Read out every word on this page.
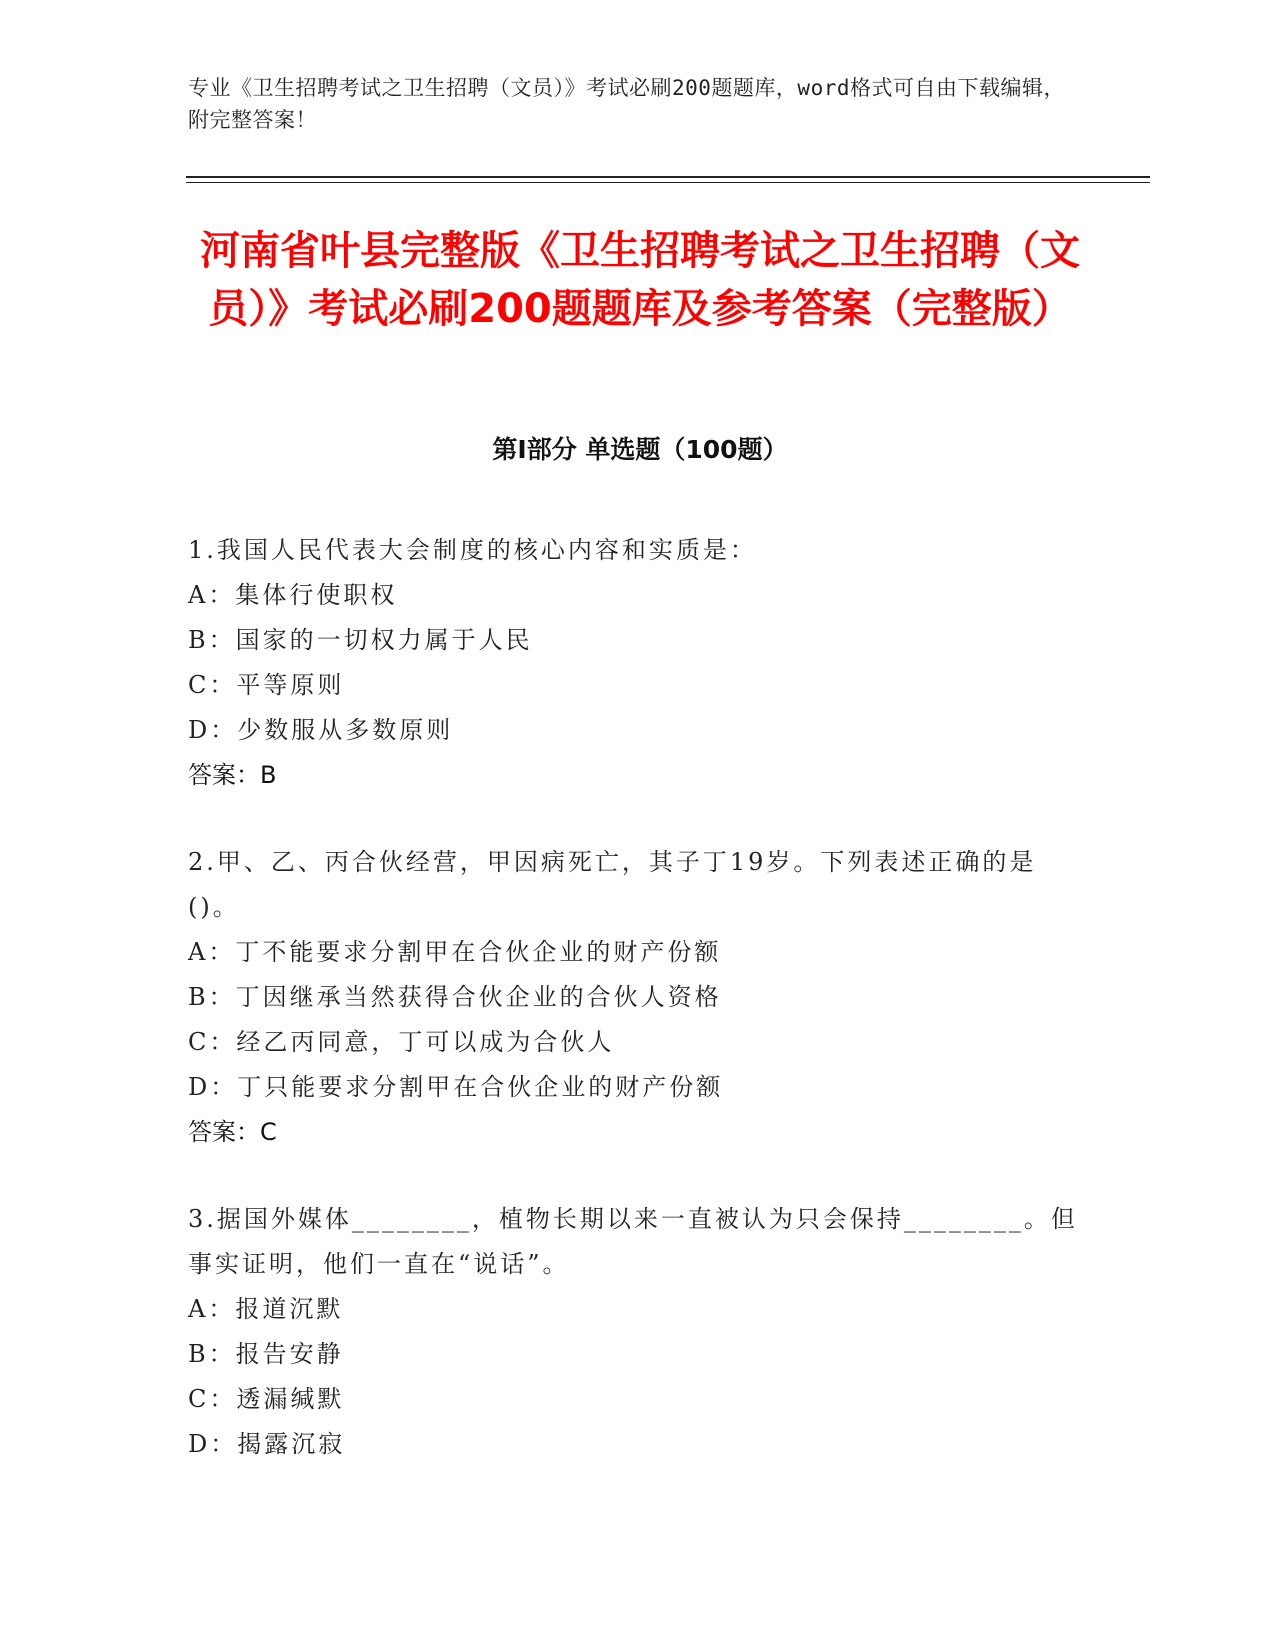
专业《卫生招聘考试之卫生招聘（文员）》考试必刷200题题库，word格式可自由下载编辑，附完整答案！
河南省叶县完整版《卫生招聘考试之卫生招聘（文员）》考试必刷200题题库及参考答案（完整版）
第I部分 单选题（100题）
1.我国人民代表大会制度的核心内容和实质是：
A：集体行使职权
B：国家的一切权力属于人民
C：平等原则
D：少数服从多数原则
答案：B
2.甲、乙、丙合伙经营，甲因病死亡，其子丁19岁。下列表述正确的是()。
A：丁不能要求分割甲在合伙企业的财产份额
B：丁因继承当然获得合伙企业的合伙人资格
C：经乙丙同意，丁可以成为合伙人
D：丁只能要求分割甲在合伙企业的财产份额
答案：C
3.据国外媒体________，植物长期以来一直被认为只会保持________。但事实证明，他们一直在“说话”。
A：报道沉默
B：报告安静
C：透漏缄默
D：揭露沉寂
